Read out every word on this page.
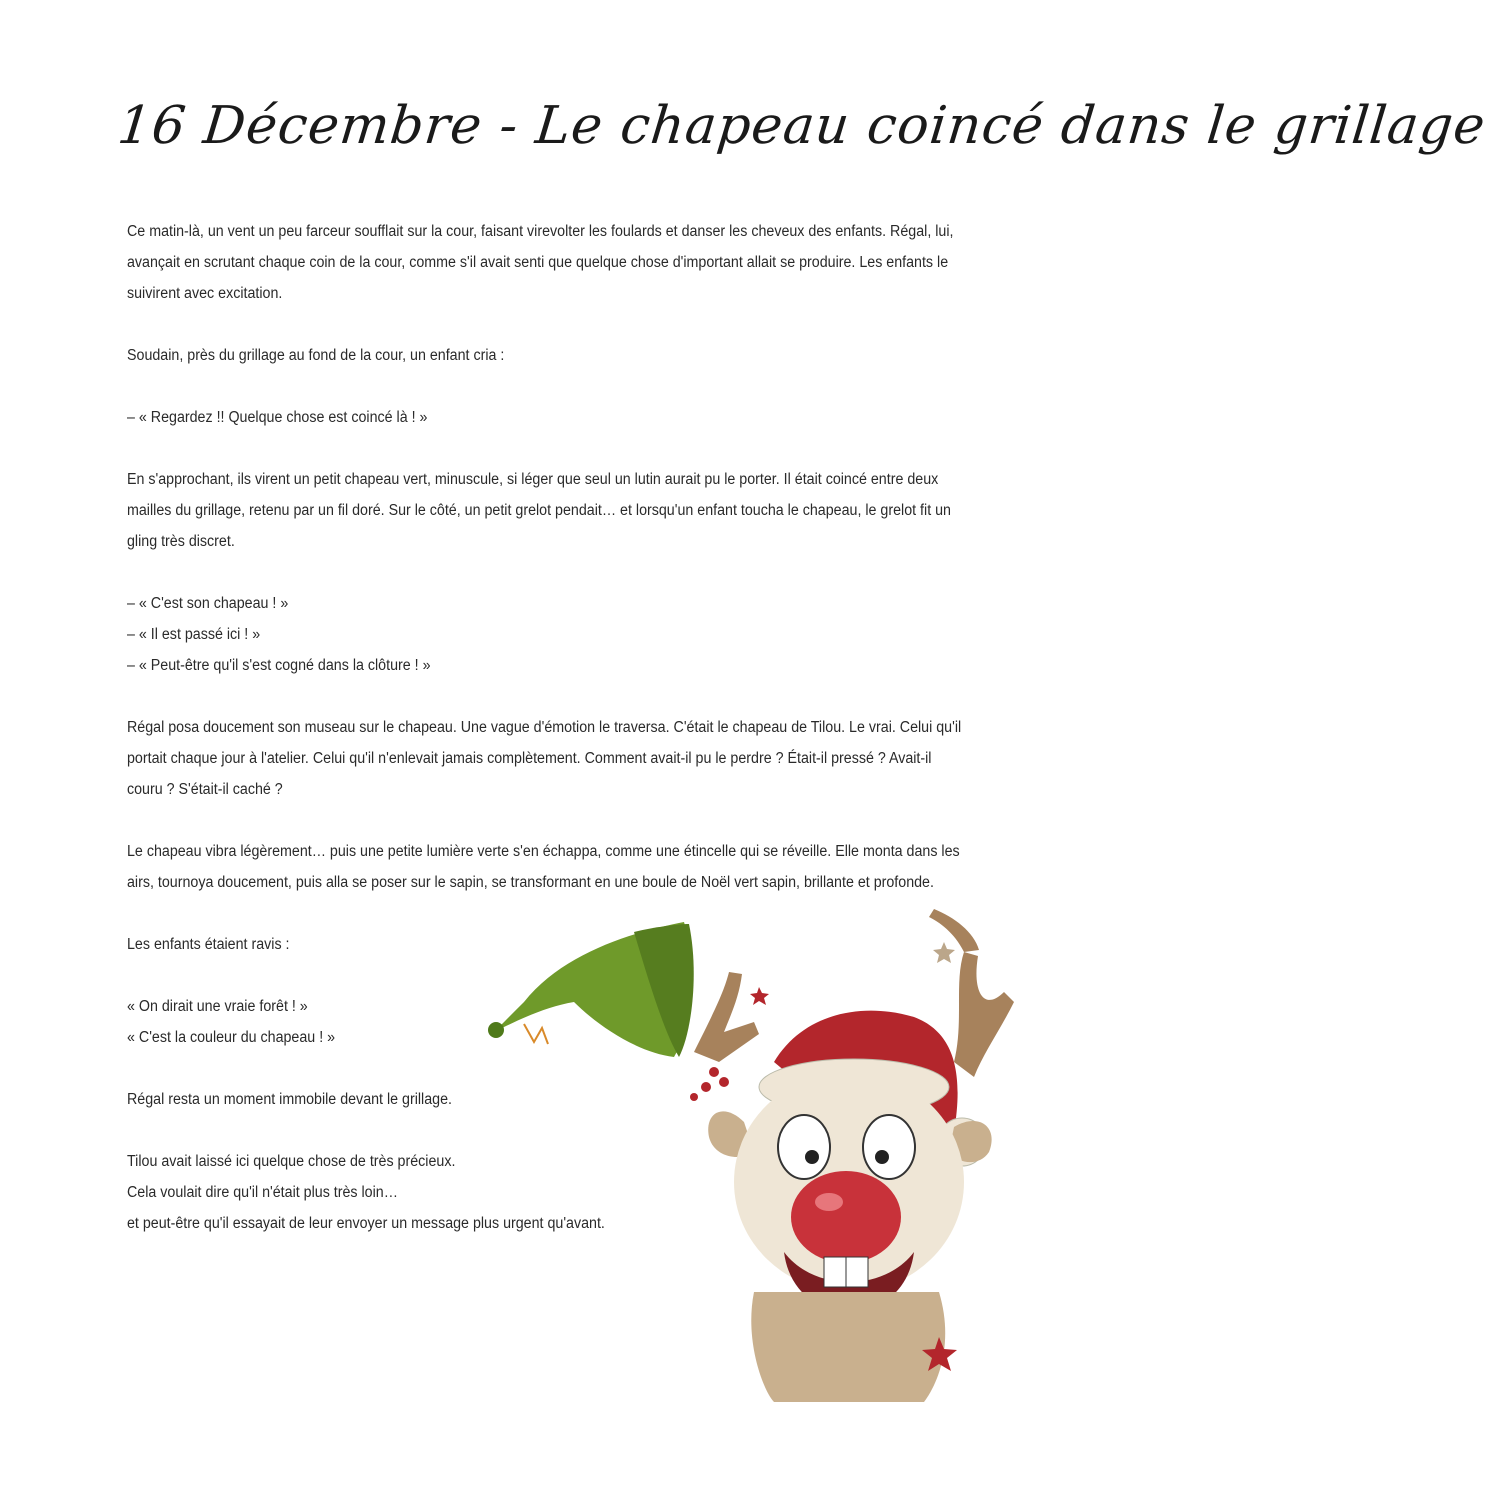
16 Décembre - Le chapeau coincé dans le grillage

Ce matin-là, un vent un peu farceur soufflait sur la cour, faisant virevolter les foulards et danser les cheveux des enfants. Régal, lui, avançait en scrutant chaque coin de la cour, comme s'il avait senti que quelque chose d'important allait se produire. Les enfants le suivirent avec excitation.

Soudain, près du grillage au fond de la cour, un enfant cria :

– « Regardez !! Quelque chose est coincé là ! »

En s'approchant, ils virent un petit chapeau vert, minuscule, si léger que seul un lutin aurait pu le porter. Il était coincé entre deux mailles du grillage, retenu par un fil doré. Sur le côté, un petit grelot pendait… et lorsqu'un enfant toucha le chapeau, le grelot fit un gling très discret.

– « C'est son chapeau ! »
– « Il est passé ici ! »
– « Peut-être qu'il s'est cogné dans la clôture ! »

Régal posa doucement son museau sur le chapeau. Une vague d'émotion le traversa. C'était le chapeau de Tilou. Le vrai. Celui qu'il portait chaque jour à l'atelier. Celui qu'il n'enlevait jamais complètement. Comment avait-il pu le perdre ? Était-il pressé ? Avait-il couru ? S'était-il caché ?

Le chapeau vibra légèrement… puis une petite lumière verte s'en échappa, comme une étincelle qui se réveille. Elle monta dans les airs, tournoya doucement, puis alla se poser sur le sapin, se transformant en une boule de Noël vert sapin, brillante et profonde.

Les enfants étaient ravis :

« On dirait une vraie forêt ! »
« C'est la couleur du chapeau ! »

Régal resta un moment immobile devant le grillage.

Tilou avait laissé ici quelque chose de très précieux.
Cela voulait dire qu'il n'était plus très loin…
et peut-être qu'il essayait de leur envoyer un message plus urgent qu'avant.
